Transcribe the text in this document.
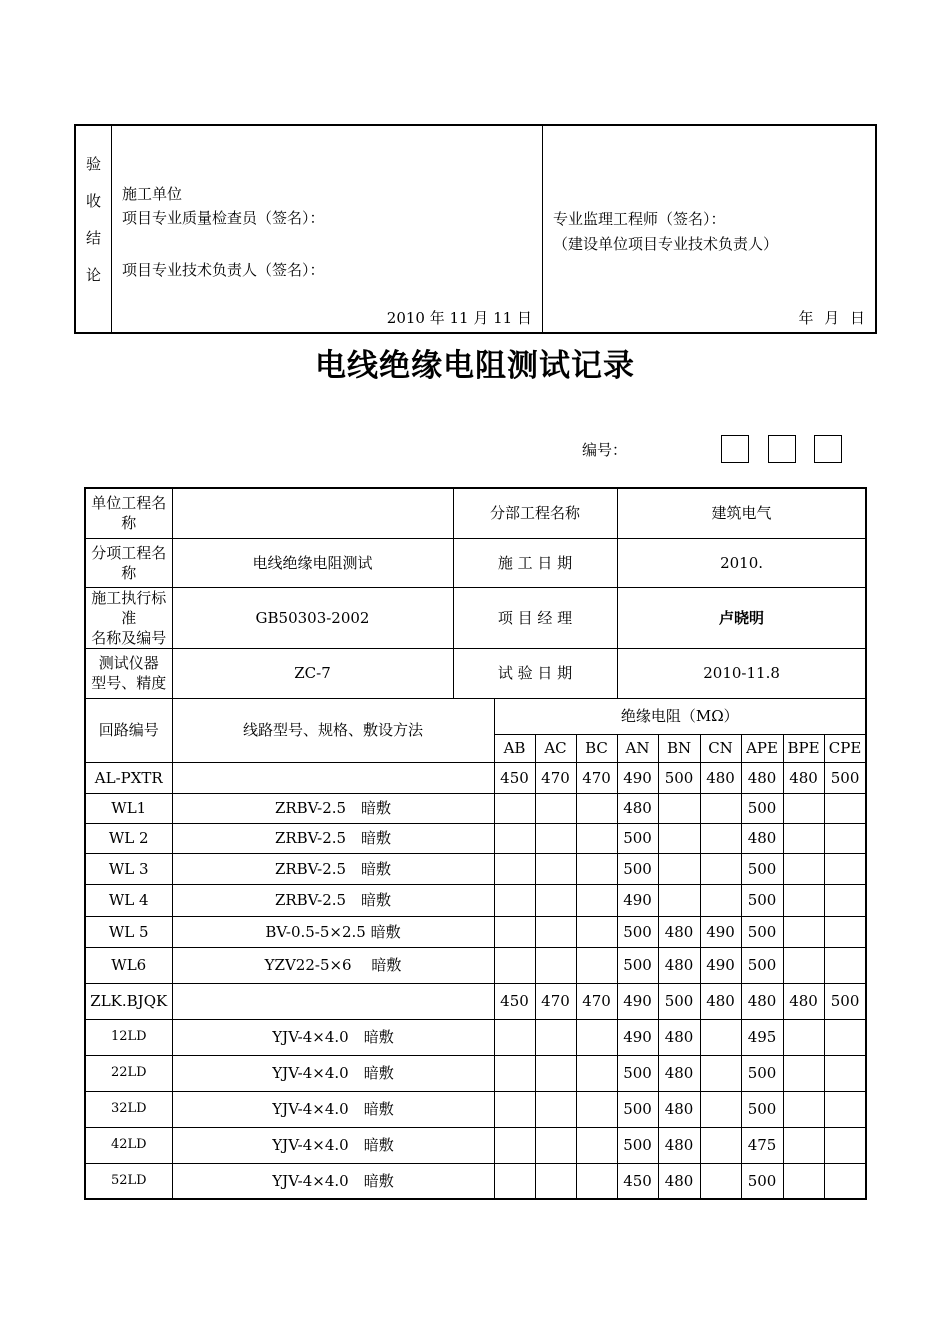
验
收
结
论

施工单位
项目专业质量检查员（签名）：
项目专业技术负责人（签名）：
2010 年 11 月 11 日

专业监理工程师（签名）：
（建设单位项目专业技术负责人）
年 月 日
电线绝缘电阻测试记录
编号：
单位工程名称		分部工程名称				建筑电气						
分项工程名称	电线绝缘电阻测试	施 工 日 期				2010.						

施工执行标准
名称及编号	GB50303-2002	项 目 经 理				卢晓明						

测试仪器
型号、精度	ZC-7	试 验 日 期				2010-11.8						
回路编号	线路型号、规格、敷设方法		绝缘电阻（MΩ）									
			AB	AC	BC	AN	BN	CN	APE	BPE	CPE	
AL-PXTR			450	470	470	490	500	480	480	480	500	
WL1	ZRBV-2.5　暗敷					480			500			
WL 2	ZRBV-2.5　暗敷					500			480			
WL 3	ZRBV-2.5　暗敷					500			500			
WL 4	ZRBV-2.5　暗敷					490			500			
WL 5	BV-0.5-5×2.5 暗敷					500	480	490	500			
WL6	YZV22-5×6　 暗敷					500	480	490	500			
ZLK.BJQK			450	470	470	490	500	480	480	480	500	
12LD	YJV-4×4.0　暗敷					490	480		495			
22LD	YJV-4×4.0　暗敷					500	480		500			
32LD	YJV-4×4.0　暗敷					500	480		500			
42LD	YJV-4×4.0　暗敷					500	480		475			
52LD	YJV-4×4.0　暗敷					450	480		500			
